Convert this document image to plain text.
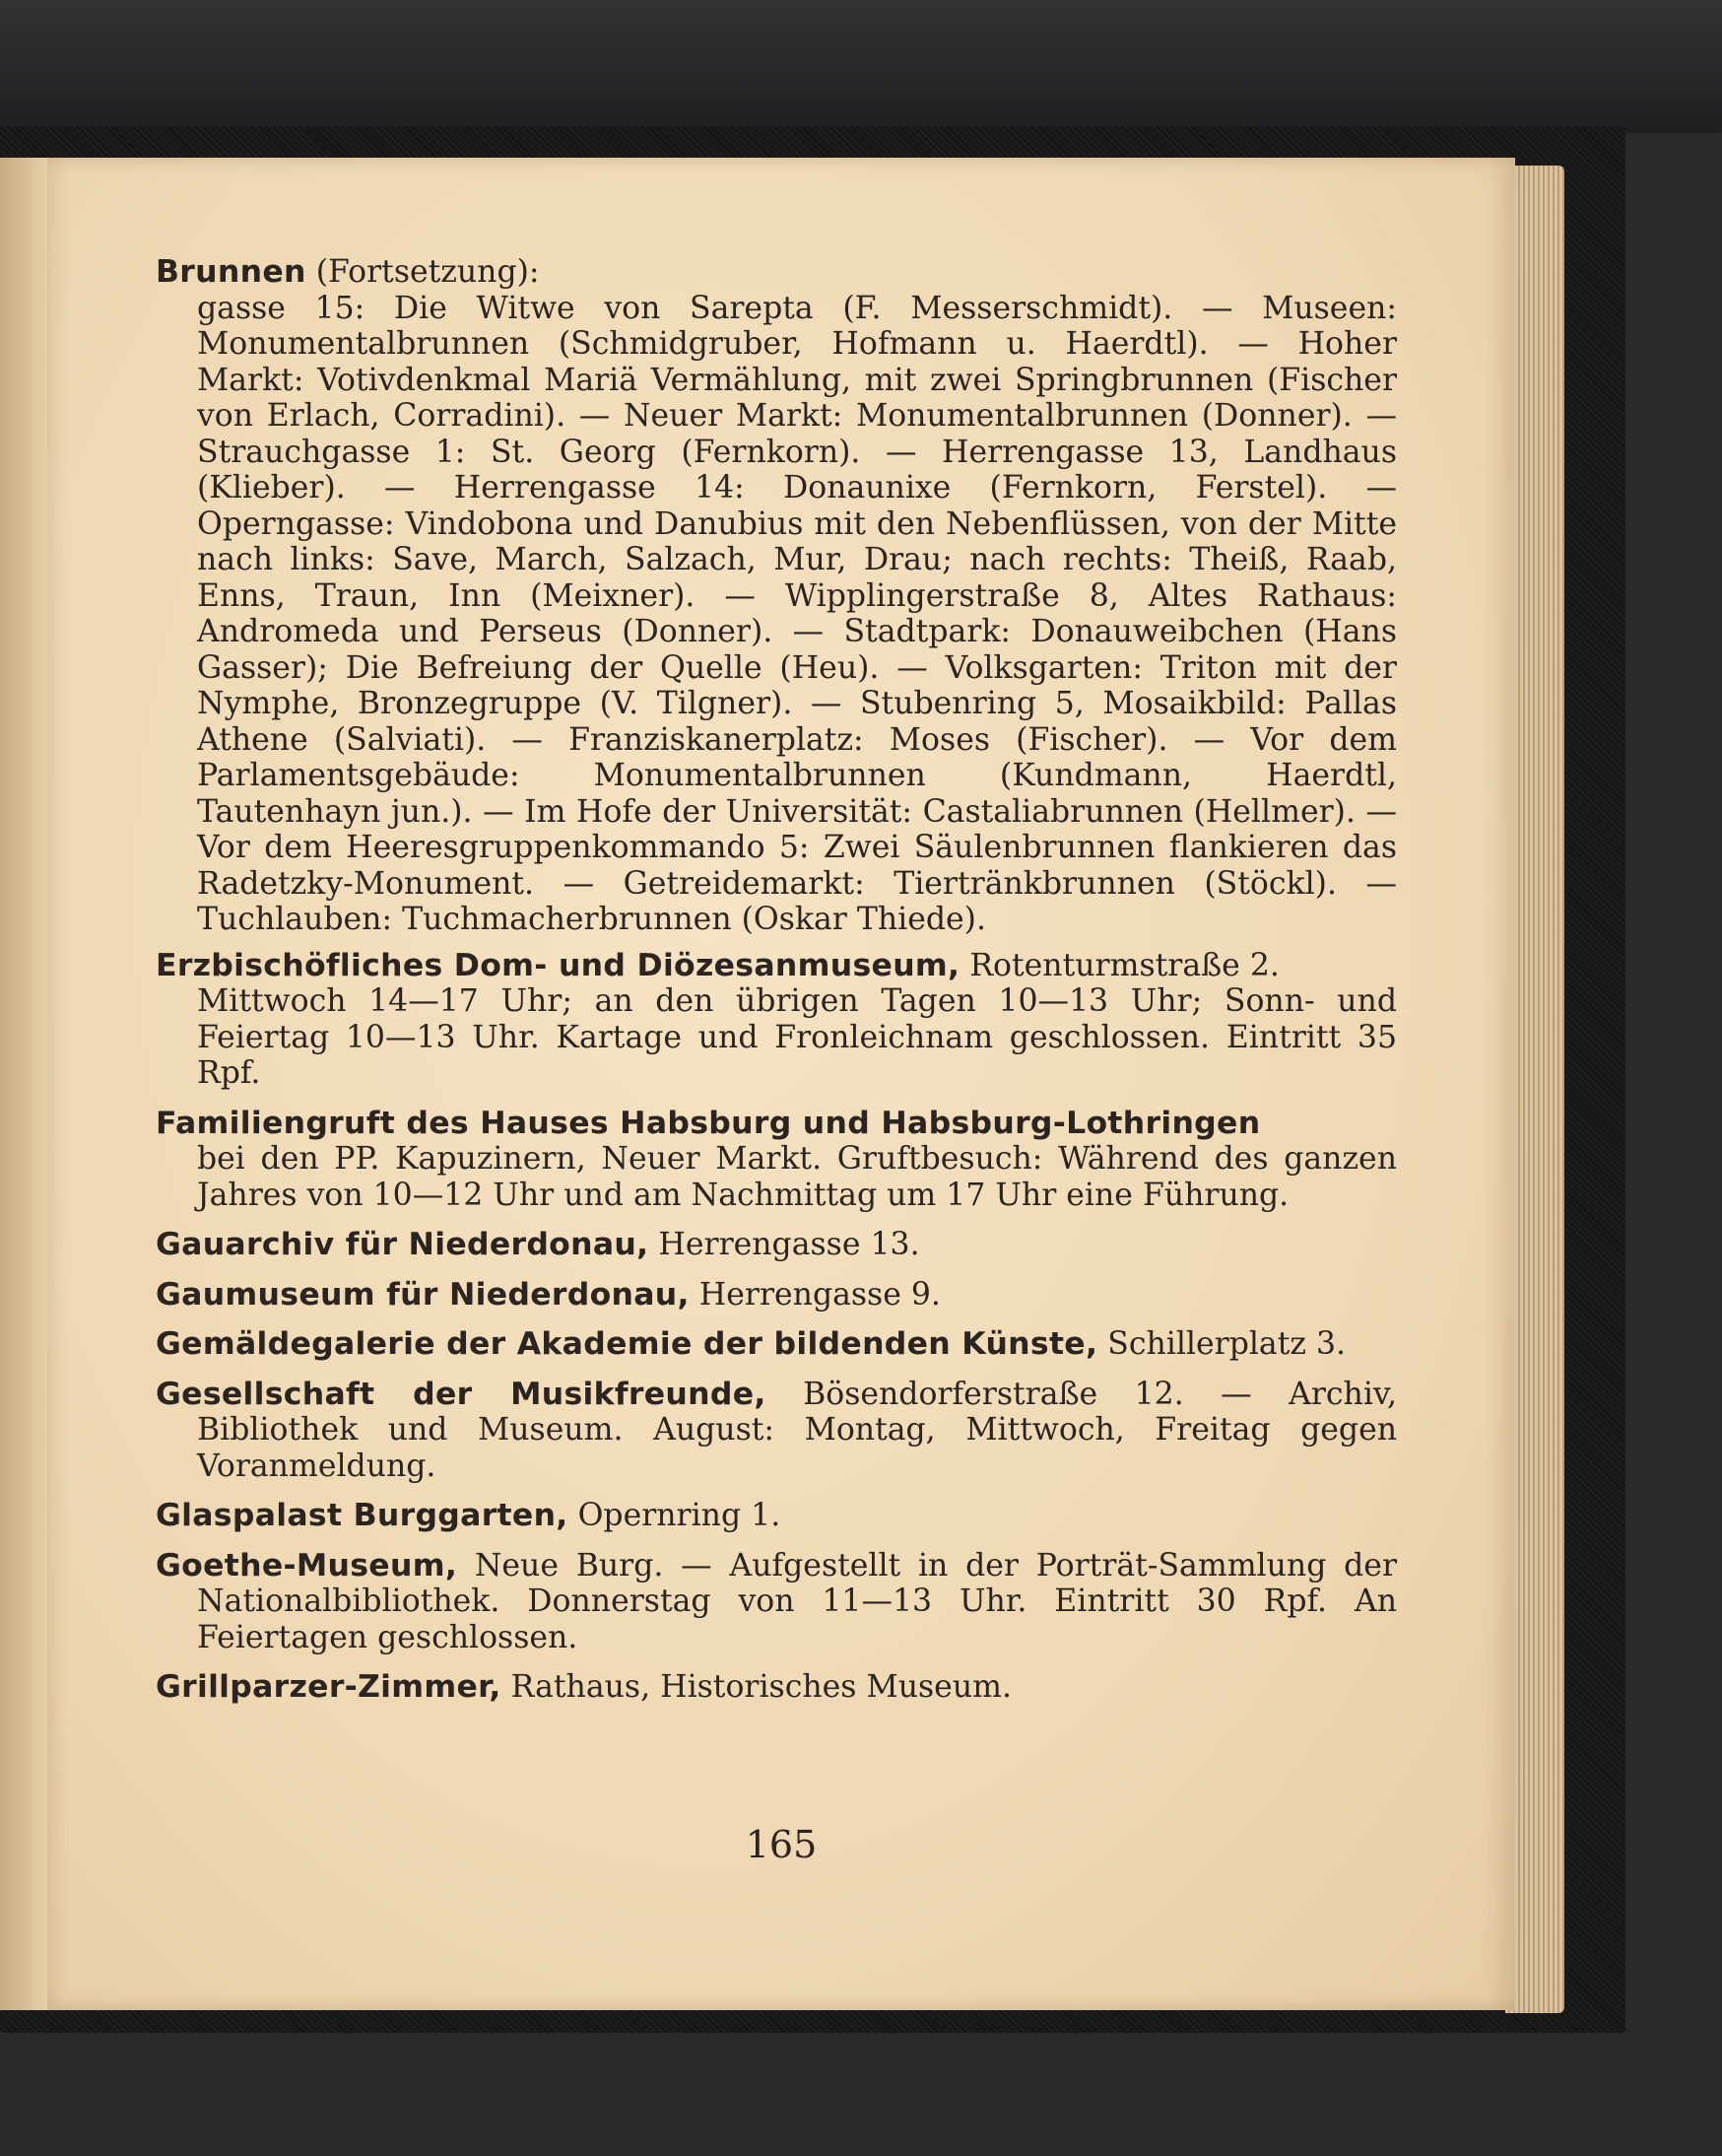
Brunnen (Fortsetzung):
gasse 15: Die Witwe von Sarepta (F. Messerschmidt). — Museen: Monumentalbrunnen (Schmidgruber, Hofmann u. Haerdtl). — Hoher Markt: Votivdenkmal Mariä Vermählung, mit zwei Springbrunnen (Fischer von Erlach, Corradini). — Neuer Markt: Monumentalbrunnen (Donner). — Strauchgasse 1: St. Georg (Fernkorn). — Herrengasse 13, Landhaus (Klieber). — Herrengasse 14: Donaunixe (Fernkorn, Ferstel). — Operngasse: Vindobona und Danubius mit den Nebenflüssen, von der Mitte nach links: Save, March, Salzach, Mur, Drau; nach rechts: Theiß, Raab, Enns, Traun, Inn (Meixner). — Wipplingerstraße 8, Altes Rathaus: Andromeda und Perseus (Donner). — Stadtpark: Donauweibchen (Hans Gasser); Die Befreiung der Quelle (Heu). — Volksgarten: Triton mit der Nymphe, Bronzegruppe (V. Tilgner). — Stubenring 5, Mosaikbild: Pallas Athene (Salviati). — Franziskanerplatz: Moses (Fischer). — Vor dem Parlamentsgebäude: Monumentalbrunnen (Kundmann, Haerdtl, Tautenhayn jun.). — Im Hofe der Universität: Castaliabrunnen (Hellmer). — Vor dem Heeresgruppenkommando 5: Zwei Säulenbrunnen flankieren das Radetzky-Monument. — Getreidemarkt: Tiertränkbrunnen (Stöckl). — Tuchlauben: Tuchmacherbrunnen (Oskar Thiede).
Erzbischöfliches Dom- und Diözesanmuseum, Rotenturmstraße 2.
Mittwoch 14—17 Uhr; an den übrigen Tagen 10—13 Uhr; Sonn- und Feiertag 10—13 Uhr. Kartage und Fronleichnam geschlossen. Eintritt 35 Rpf.
Familiengruft des Hauses Habsburg und Habsburg-Lothringen
bei den PP. Kapuzinern, Neuer Markt. Gruftbesuch: Während des ganzen Jahres von 10—12 Uhr und am Nachmittag um 17 Uhr eine Führung.
Gauarchiv für Niederdonau, Herrengasse 13.
Gaumuseum für Niederdonau, Herrengasse 9.
Gemäldegalerie der Akademie der bildenden Künste, Schillerplatz 3.
Gesellschaft der Musikfreunde, Bösendorferstraße 12. — Archiv, Bibliothek und Museum. August: Montag, Mittwoch, Freitag gegen Voranmeldung.
Glaspalast Burggarten, Opernring 1.
Goethe-Museum, Neue Burg. — Aufgestellt in der Porträt-Sammlung der Nationalbibliothek. Donnerstag von 11—13 Uhr. Eintritt 30 Rpf. An Feiertagen geschlossen.
Grillparzer-Zimmer, Rathaus, Historisches Museum.
165
